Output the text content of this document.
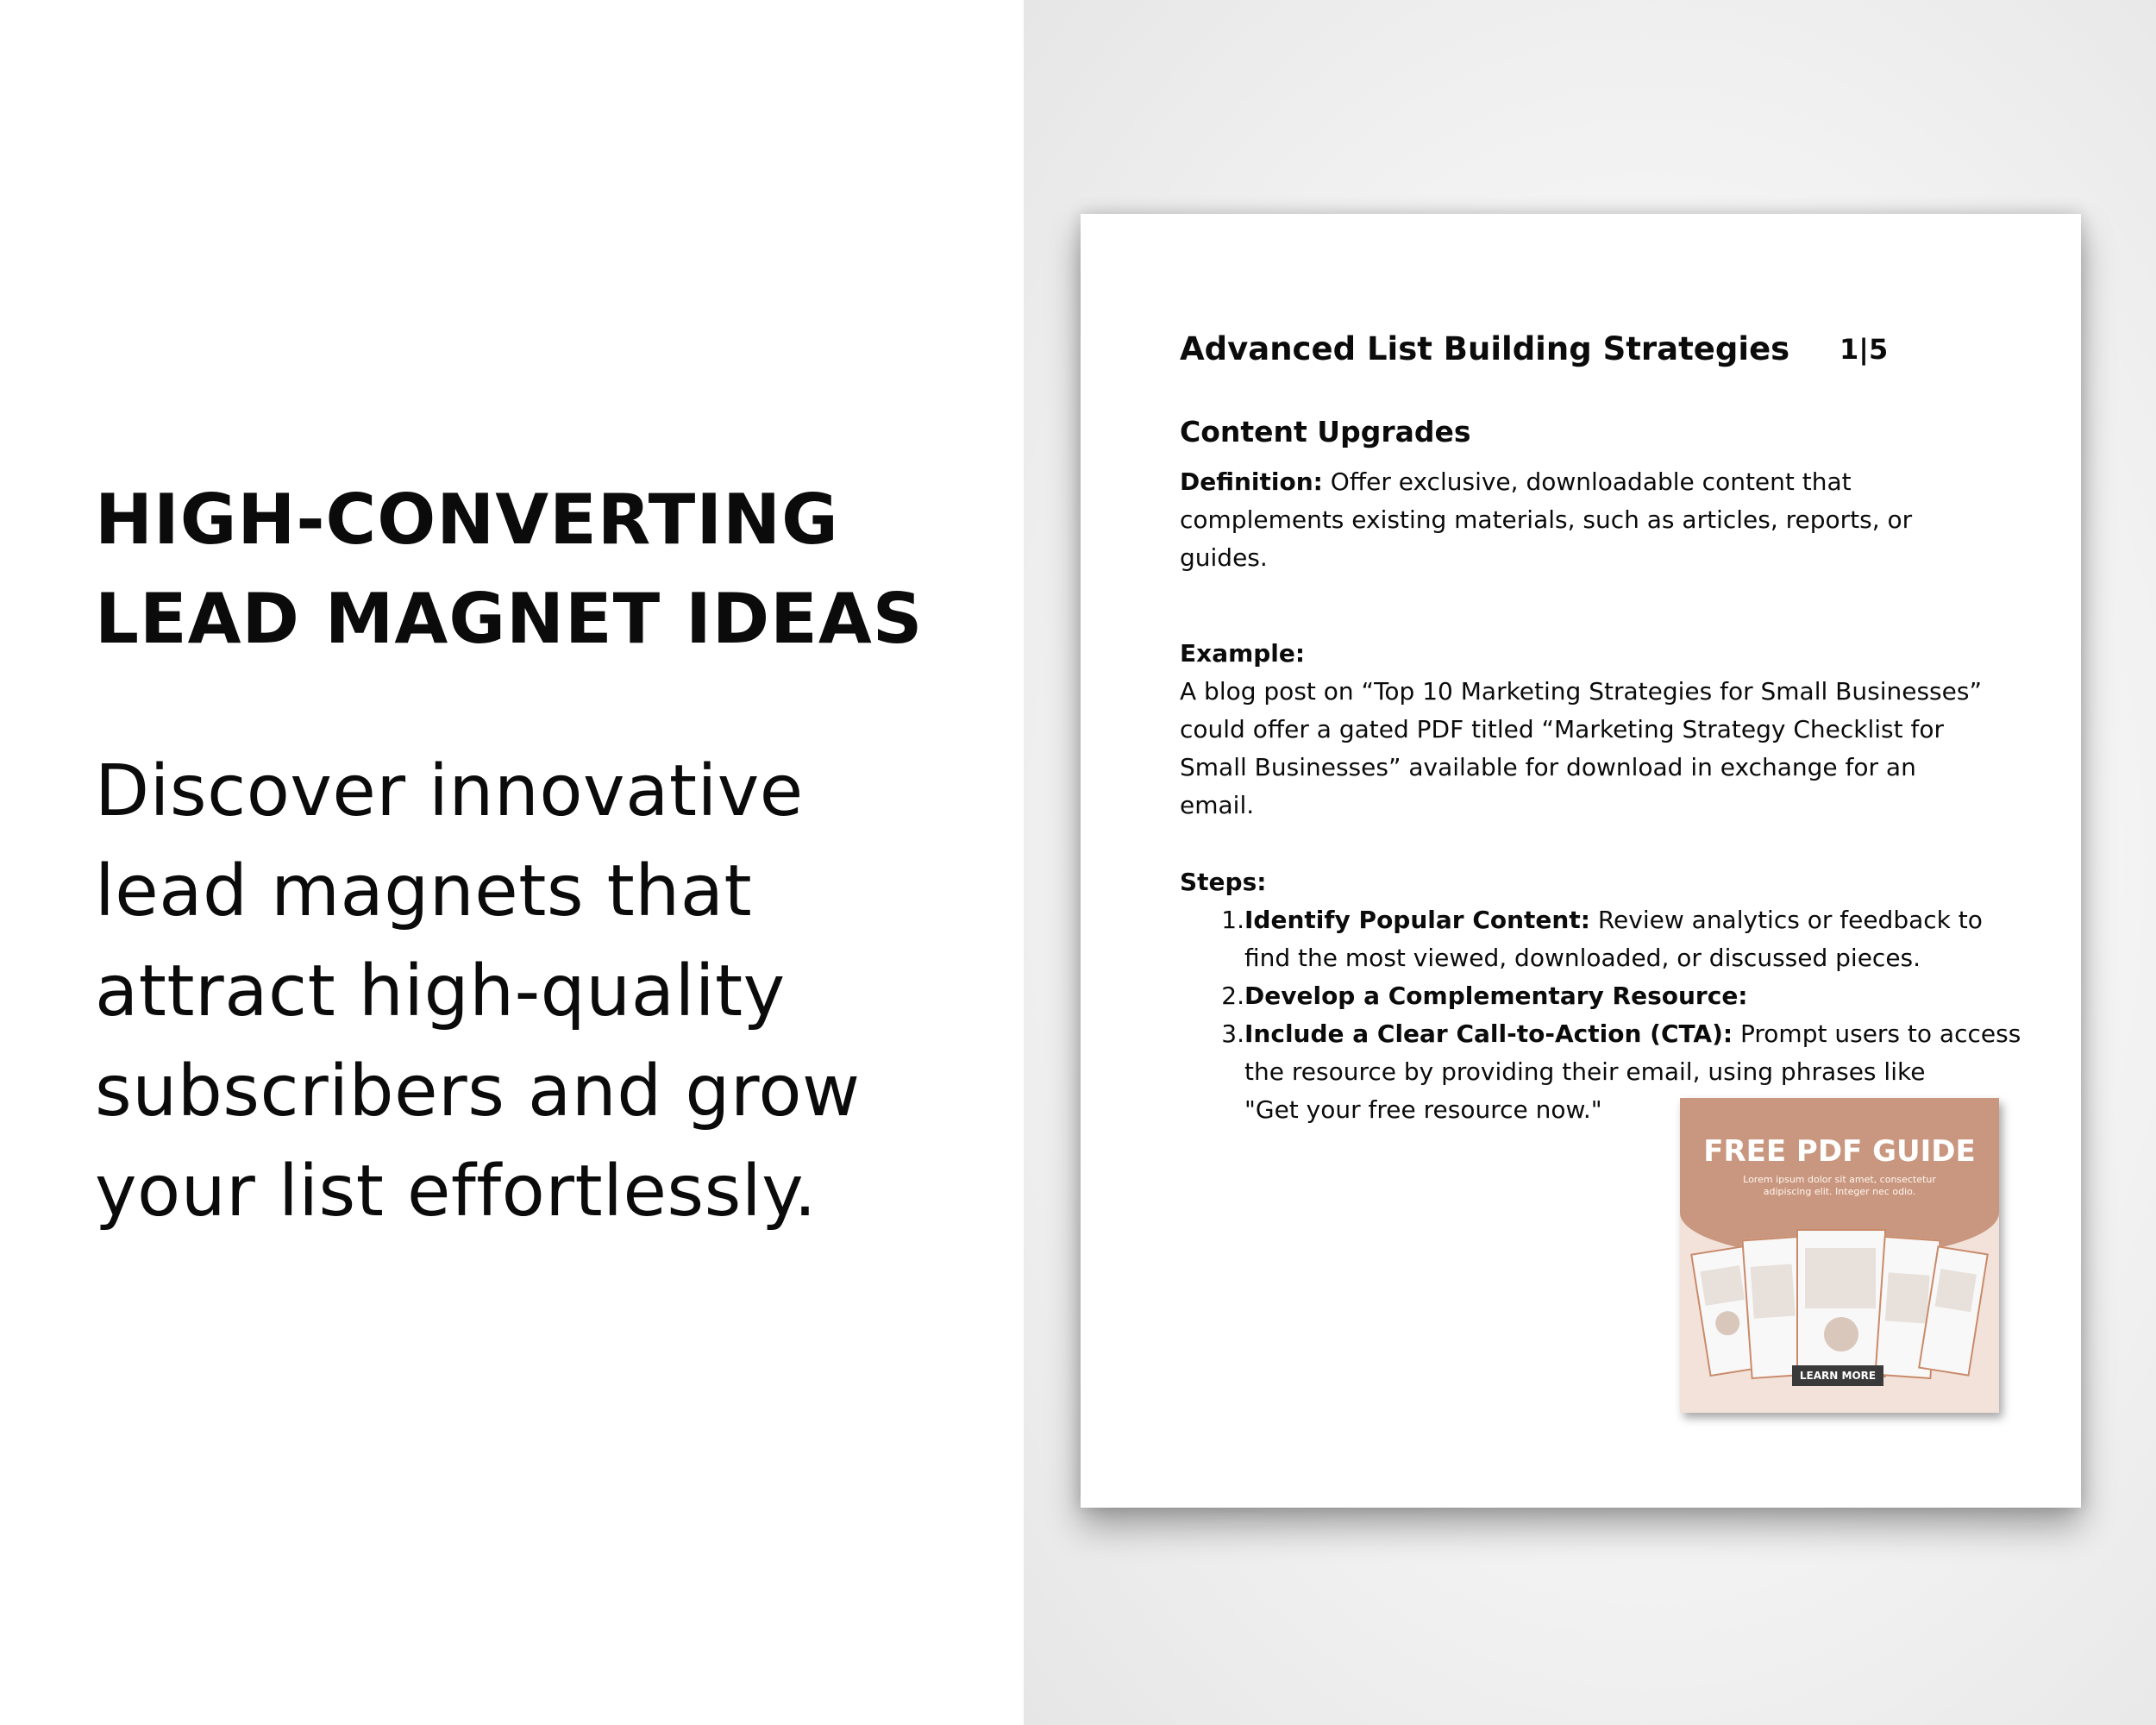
HIGH-CONVERTING
LEAD MAGNET IDEAS

Discover innovative
lead magnets that
attract high-quality
subscribers and grow
your list effortlessly.

Advanced List Building Strategies 1|5
Content Upgrades
Definition: Offer exclusive, downloadable content that
complements existing materials, such as articles, reports, or
guides.
Example:
A blog post on “Top 10 Marketing Strategies for Small Businesses”
could offer a gated PDF titled “Marketing Strategy Checklist for
Small Businesses” available for download in exchange for an
email.
Steps:
1.Identify Popular Content: Review analytics or feedback to
find the most viewed, downloaded, or discussed pieces.
2.Develop a Complementary Resource:
3.Include a Clear Call-to-Action (CTA): Prompt users to access
the resource by providing their email, using phrases like
"Get your free resource now."
FREE PDF GUIDE
Lorem ipsum dolor sit amet, consectetur adipiscing elit. Integer nec odio.
LEARN MORE
